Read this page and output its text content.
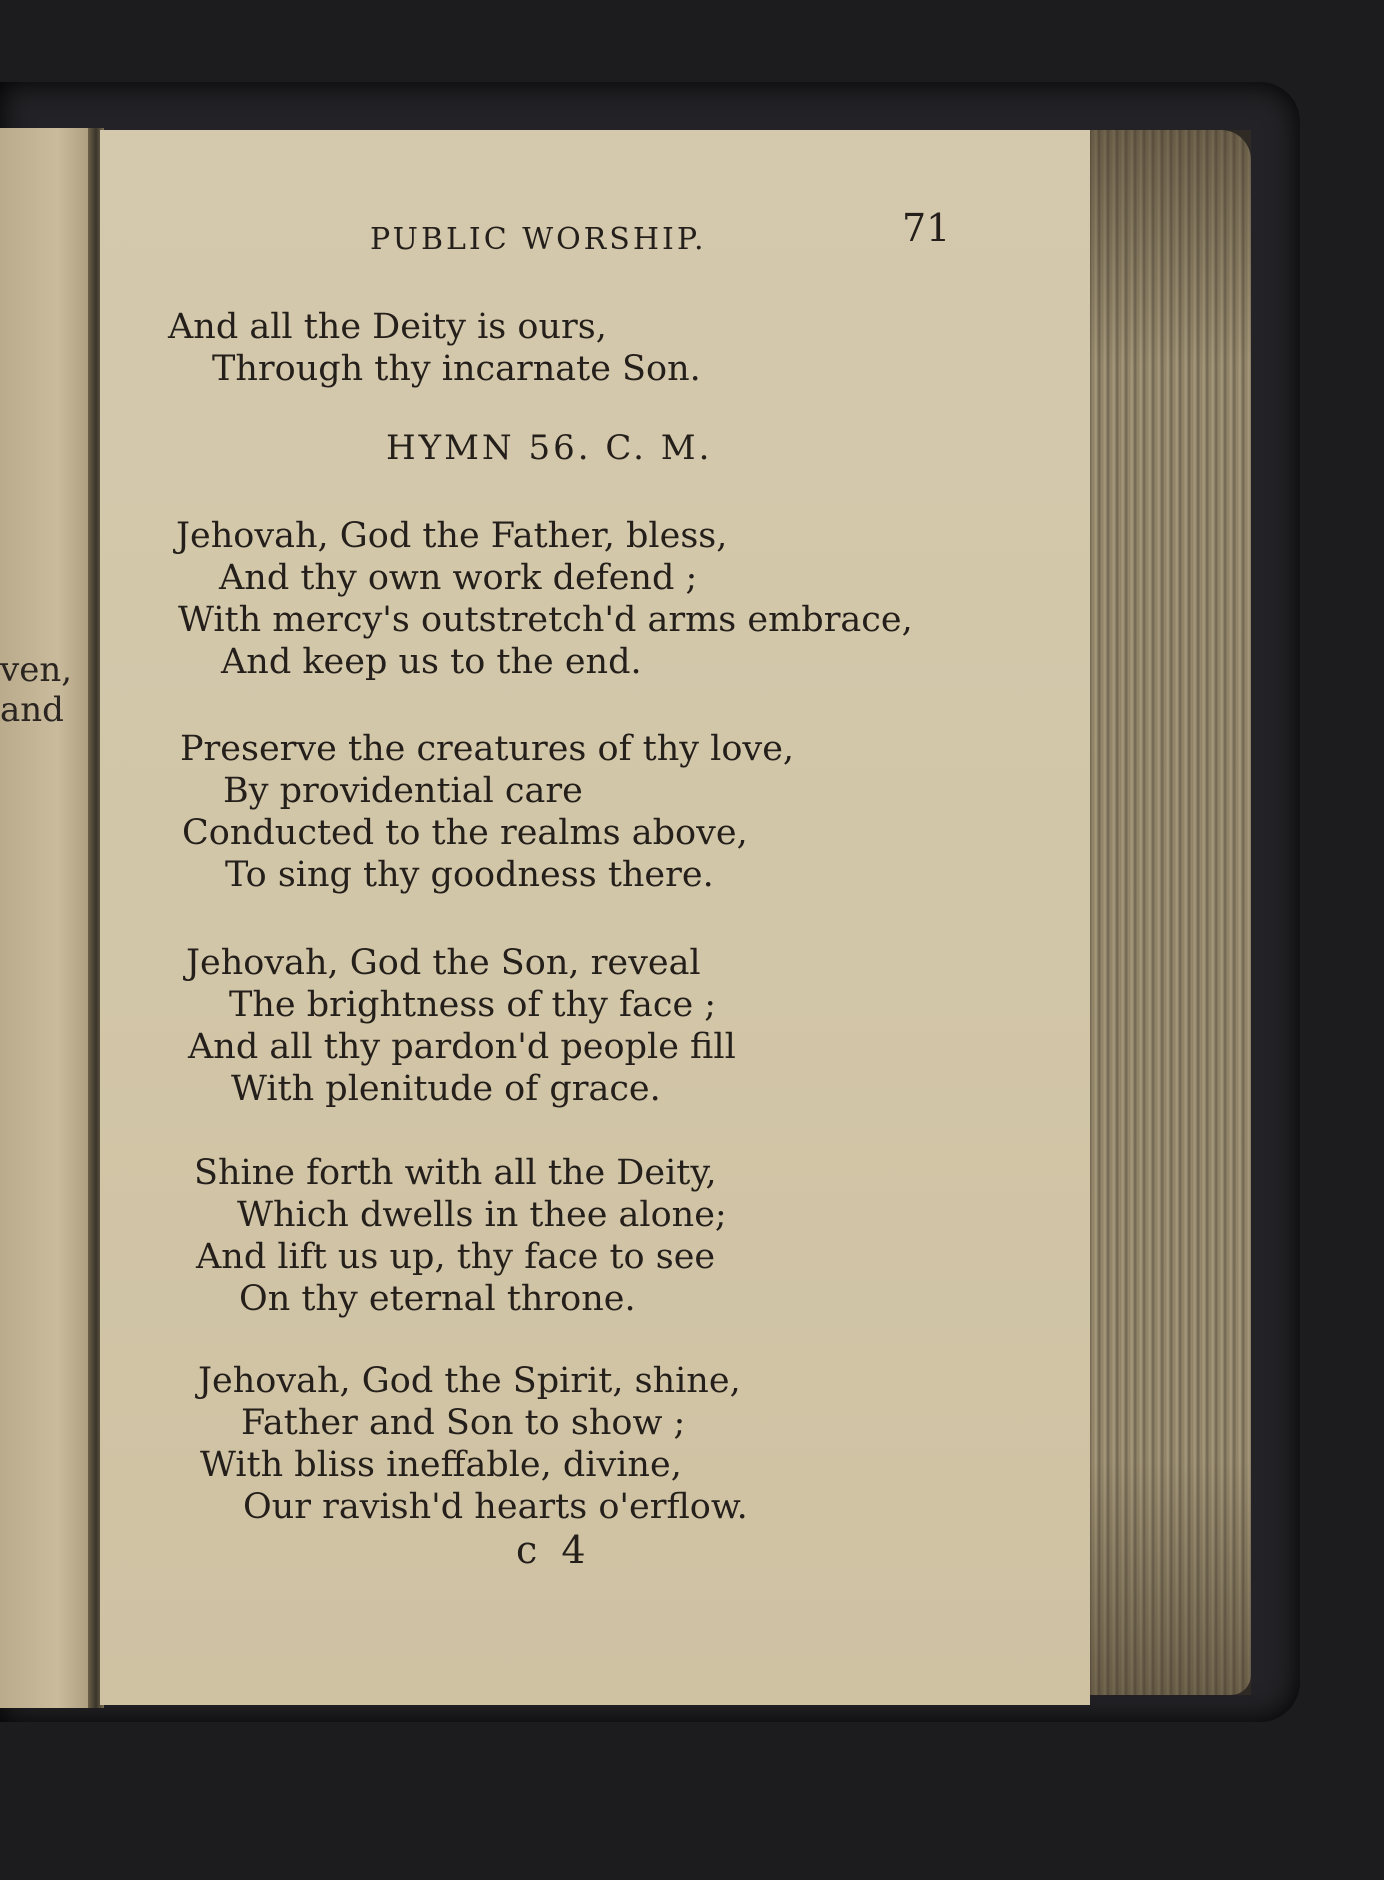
ven,
and
PUBLIC WORSHIP.	71
And all the Deity is ours,
Through thy incarnate Son.
HYMN 56. C. M.
Jehovah, God the Father, bless,
And thy own work defend ;
With mercy's outstretch'd arms embrace,
And keep us to the end.
Preserve the creatures of thy love,
By providential care
Conducted to the realms above,
To sing thy goodness there.
Jehovah, God the Son, reveal
The brightness of thy face ;
And all thy pardon'd people fill
With plenitude of grace.
Shine forth with all the Deity,
Which dwells in thee alone;
And lift us up, thy face to see
On thy eternal throne.
Jehovah, God the Spirit, shine,
Father and Son to show ;
With bliss ineffable, divine,
Our ravish'd hearts o'erflow.
c 4
